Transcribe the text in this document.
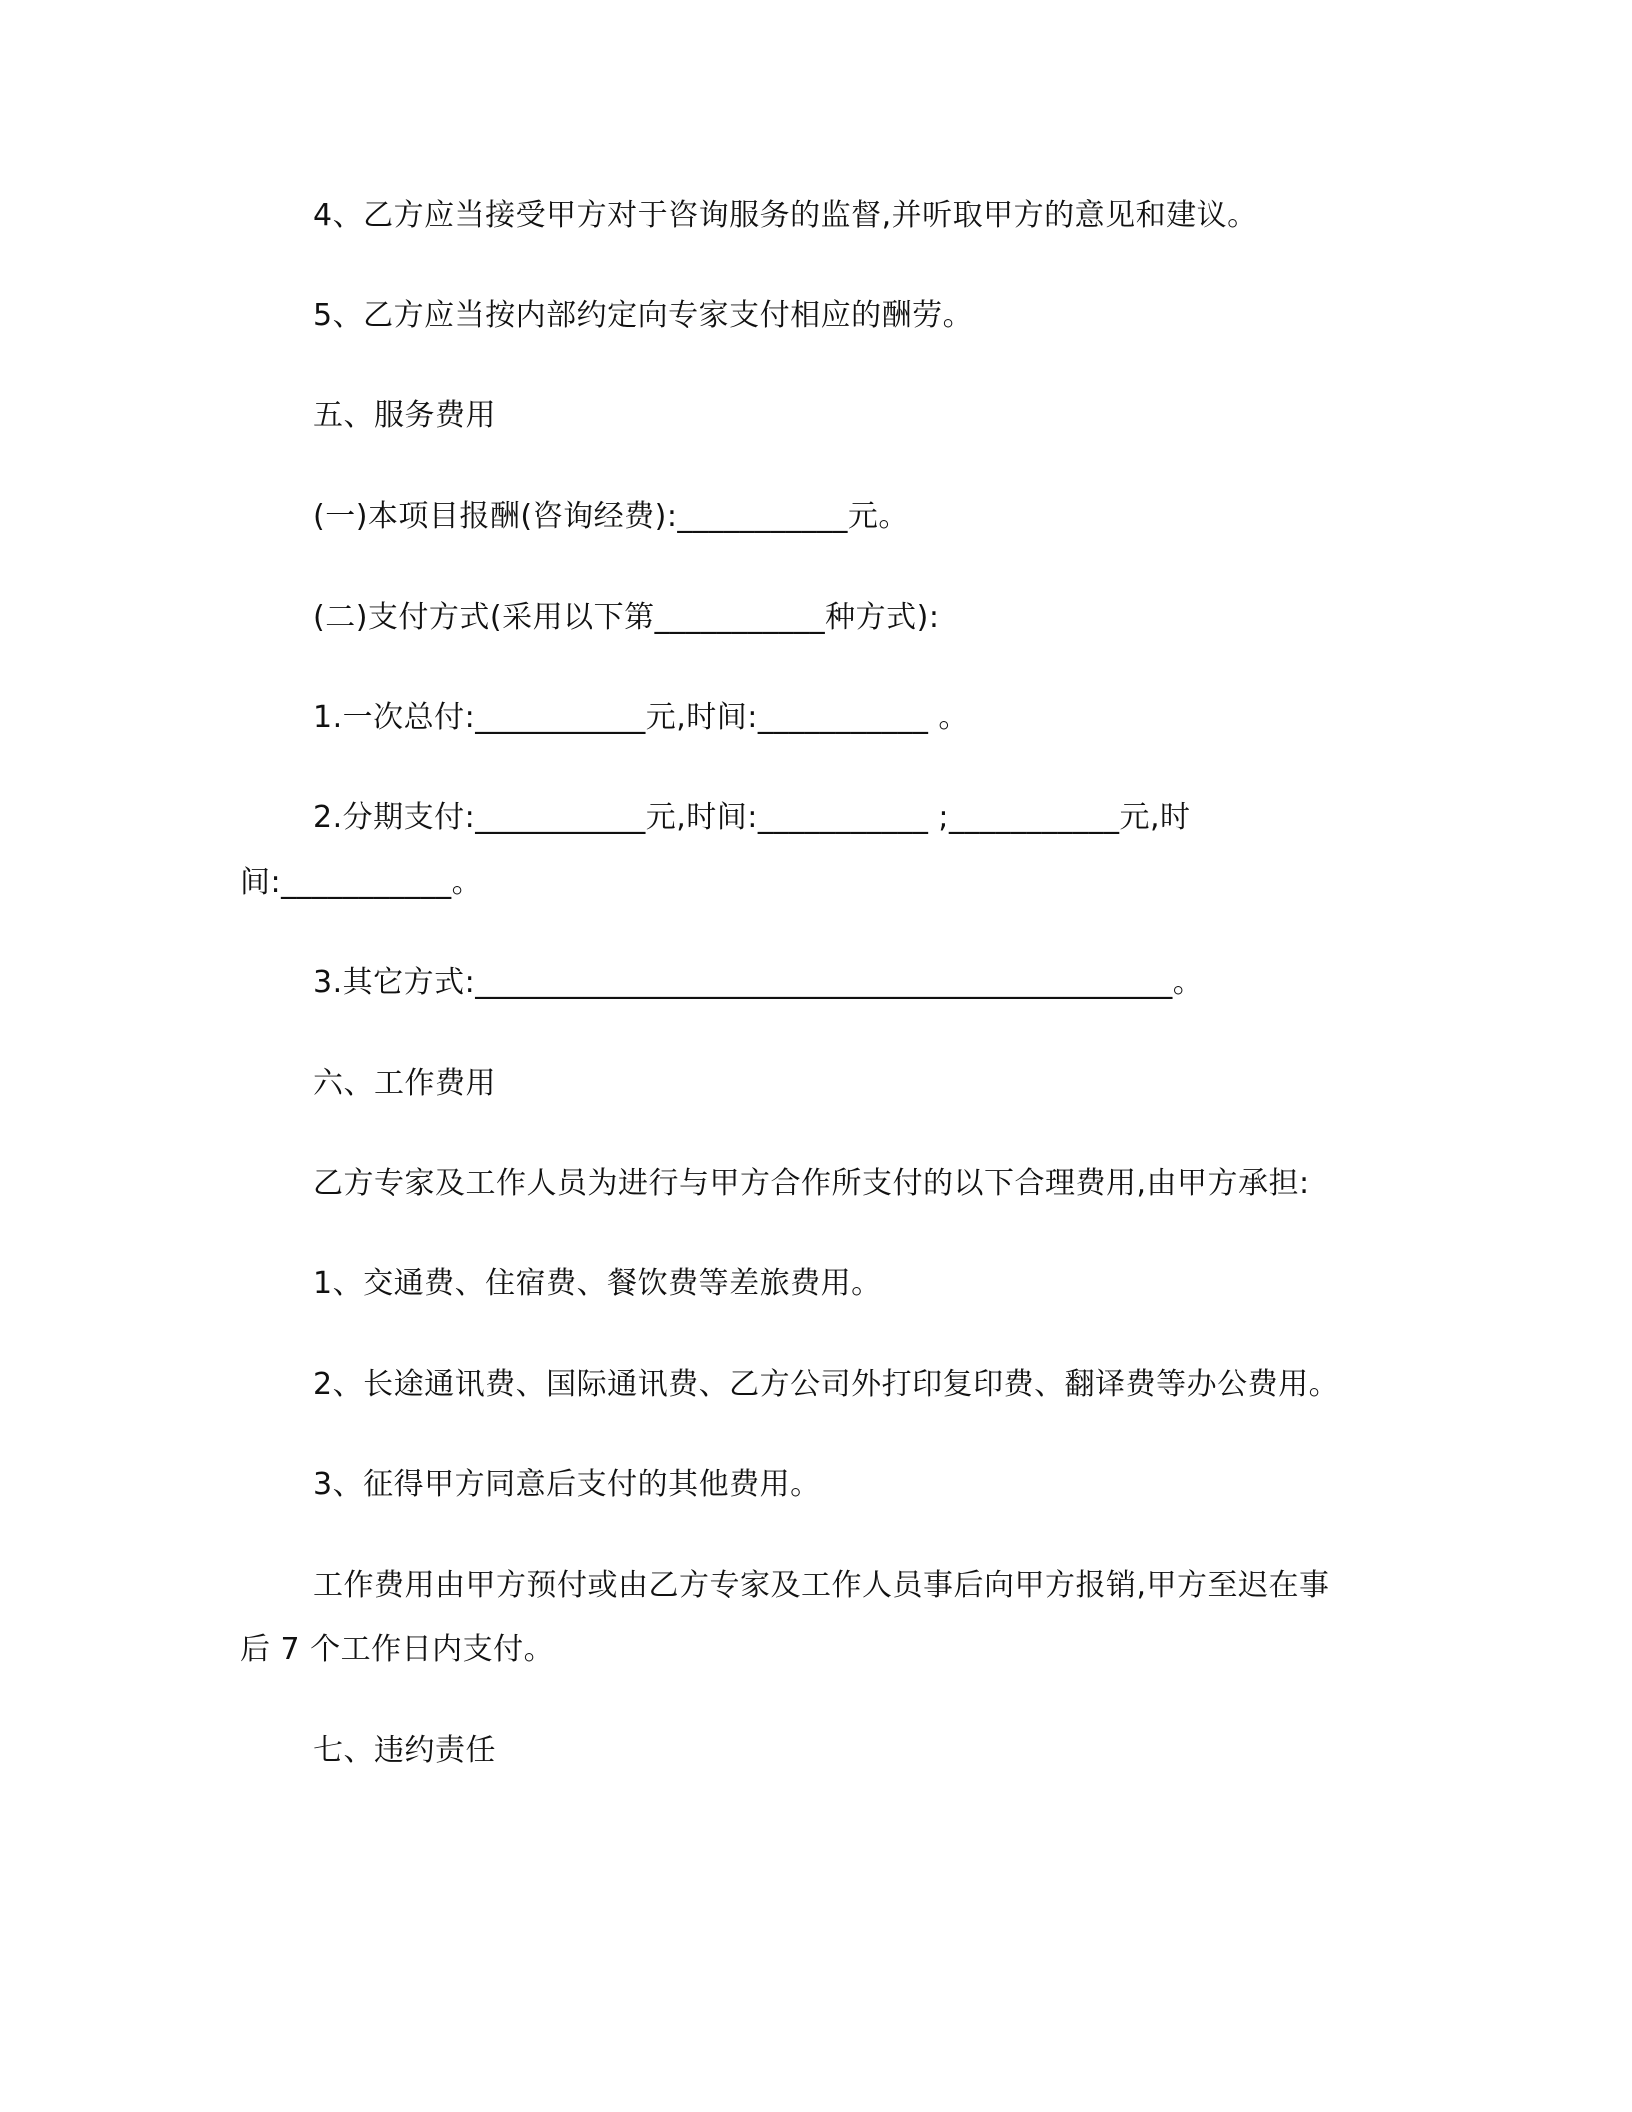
4、乙方应当接受甲方对于咨询服务的监督,并听取甲方的意见和建议。
5、乙方应当按内部约定向专家支付相应的酬劳。
五、服务费用
(一)本项目报酬(咨询经费):___________元。
(二)支付方式(采用以下第___________种方式):
1.一次总付:___________元,时间:___________ 。
2.分期支付:___________元,时间:___________ ;___________元,时
间:___________。
3.其它方式:_____________________________________________。
六、工作费用
乙方专家及工作人员为进行与甲方合作所支付的以下合理费用,由甲方承担:
1、交通费、住宿费、餐饮费等差旅费用。
2、长途通讯费、国际通讯费、乙方公司外打印复印费、翻译费等办公费用。
3、征得甲方同意后支付的其他费用。
工作费用由甲方预付或由乙方专家及工作人员事后向甲方报销,甲方至迟在事
后 7 个工作日内支付。
七、违约责任
